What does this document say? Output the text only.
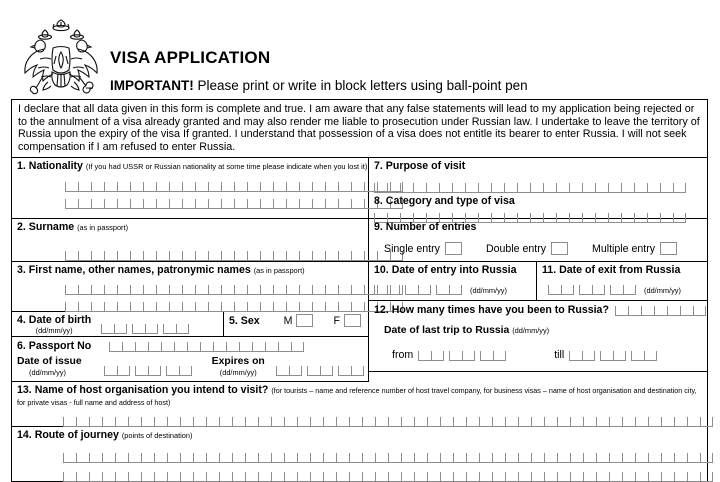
VISA APPLICATION
IMPORTANT! Please print or write in block letters using ball-point pen
I declare that all data given in this form is complete and true. I am aware that any false statements will lead to my application being rejected or to the annulment of a visa already granted and may also render me liable to prosecution under Russian law. I undertake to leave the territory of Russia upon the expiry of the visa If granted. I understand that possession of a visa does not entitle its bearer to enter Russia. I will not seek compensation if I am refused to enter Russia.
1. Nationality (If you had USSR or Russian nationality at some time please indicate when you lost it)
2. Surname (as in passport)
3. First name, other names, patronymic names (as in passport)
4. Date of birth
(dd/mm/yy)
5. Sex M	F
6. Passport No
Date of issue
(dd/mm/yy)
Expires on
(dd/mm/yy)
7. Purpose of visit
8. Category and type of visa
9. Number of entries
Single entry	Double entry	Multiple entry
10. Date of entry into Russia
(dd/mm/yy)
11. Date of exit from Russia
(dd/mm/yy)
12. How many times have you been to Russia?
Date of last trip to Russia (dd/mm/yy)
from	till
13. Name of host organisation you intend to visit? (for tourists – name and reference number of host travel company, for business visas – name of host organisation and destination city, for private visas - full name and address of host)
14. Route of journey (points of destination)
